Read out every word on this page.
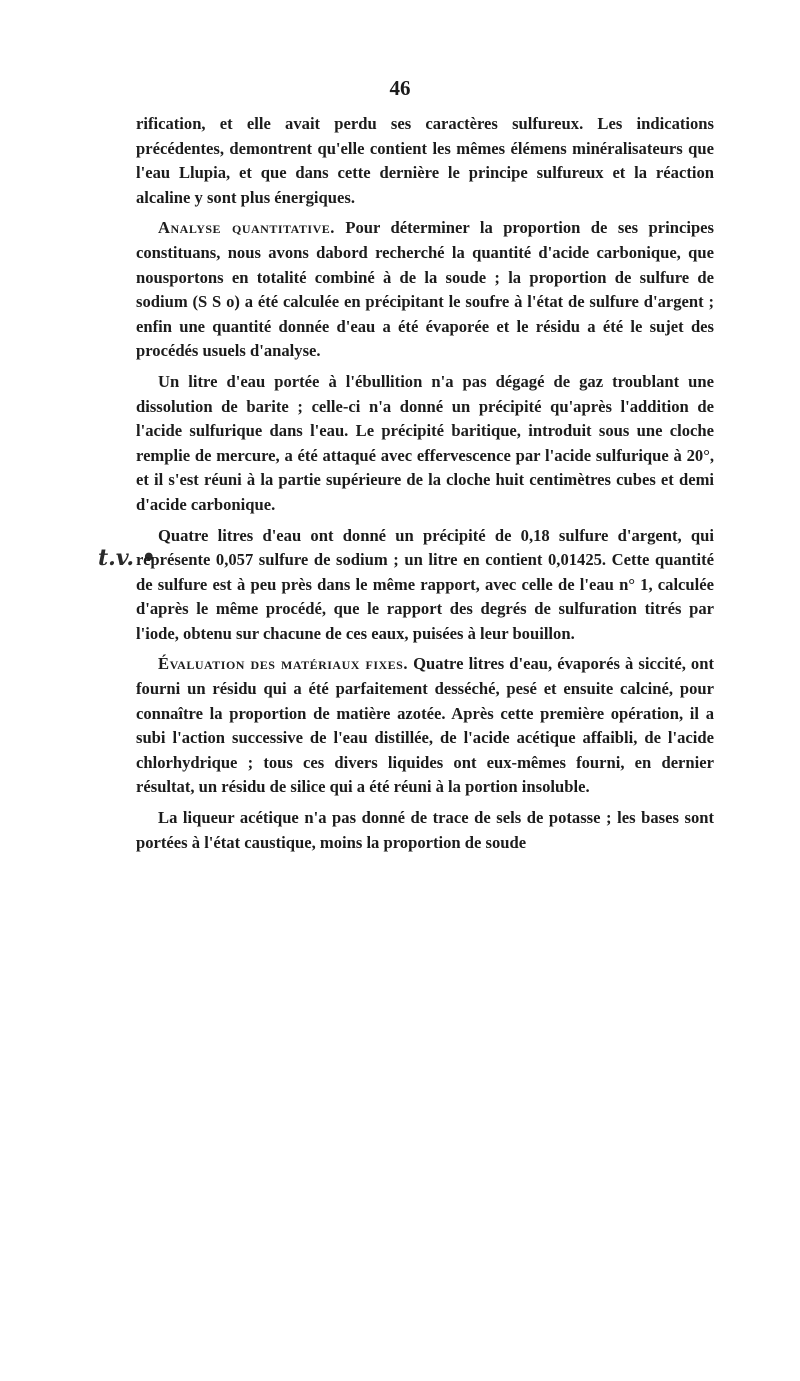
46
t.v. •

rification, et elle avait perdu ses caractères sulfureux. Les indications précédentes, demontrent qu'elle contient les mêmes élémens minéralisateurs que l'eau Llupia, et que dans cette dernière le principe sulfureux et la réaction alcaline y sont plus énergiques.

Analyse quantitative. Pour déterminer la proportion de ses principes constituans, nous avons dabord recherché la quantité d'acide carbonique, que nousportons en totalité combiné à de la soude ; la proportion de sulfure de sodium (S S o) a été calculée en précipitant le soufre à l'état de sulfure d'argent ; enfin une quantité donnée d'eau a été évaporée et le résidu a été le sujet des procédés usuels d'analyse.

Un litre d'eau portée à l'ébullition n'a pas dégagé de gaz troublant une dissolution de barite ; celle-ci n'a donné un précipité qu'après l'addition de l'acide sulfurique dans l'eau. Le précipité baritique, introduit sous une cloche remplie de mercure, a été attaqué avec effervescence par l'acide sulfurique à 20°, et il s'est réuni à la partie supérieure de la cloche huit centimètres cubes et demi d'acide carbonique.

Quatre litres d'eau ont donné un précipité de 0,18 sulfure d'argent, qui représente 0,057 sulfure de sodium ; un litre en contient 0,01425. Cette quantité de sulfure est à peu près dans le même rapport, avec celle de l'eau n° 1, calculée d'après le même procédé, que le rapport des degrés de sulfuration titrés par l'iode, obtenu sur chacune de ces eaux, puisées à leur bouillon.

Évaluation des matériaux fixes. Quatre litres d'eau, évaporés à siccité, ont fourni un résidu qui a été parfaitement desséché, pesé et ensuite calciné, pour connaître la proportion de matière azotée. Après cette première opération, il a subi l'action successive de l'eau distillée, de l'acide acétique affaibli, de l'acide chlorhydrique ; tous ces divers liquides ont eux-mêmes fourni, en dernier résultat, un résidu de silice qui a été réuni à la portion insoluble.

La liqueur acétique n'a pas donné de trace de sels de potasse ; les bases sont portées à l'état caustique, moins la proportion de soude
